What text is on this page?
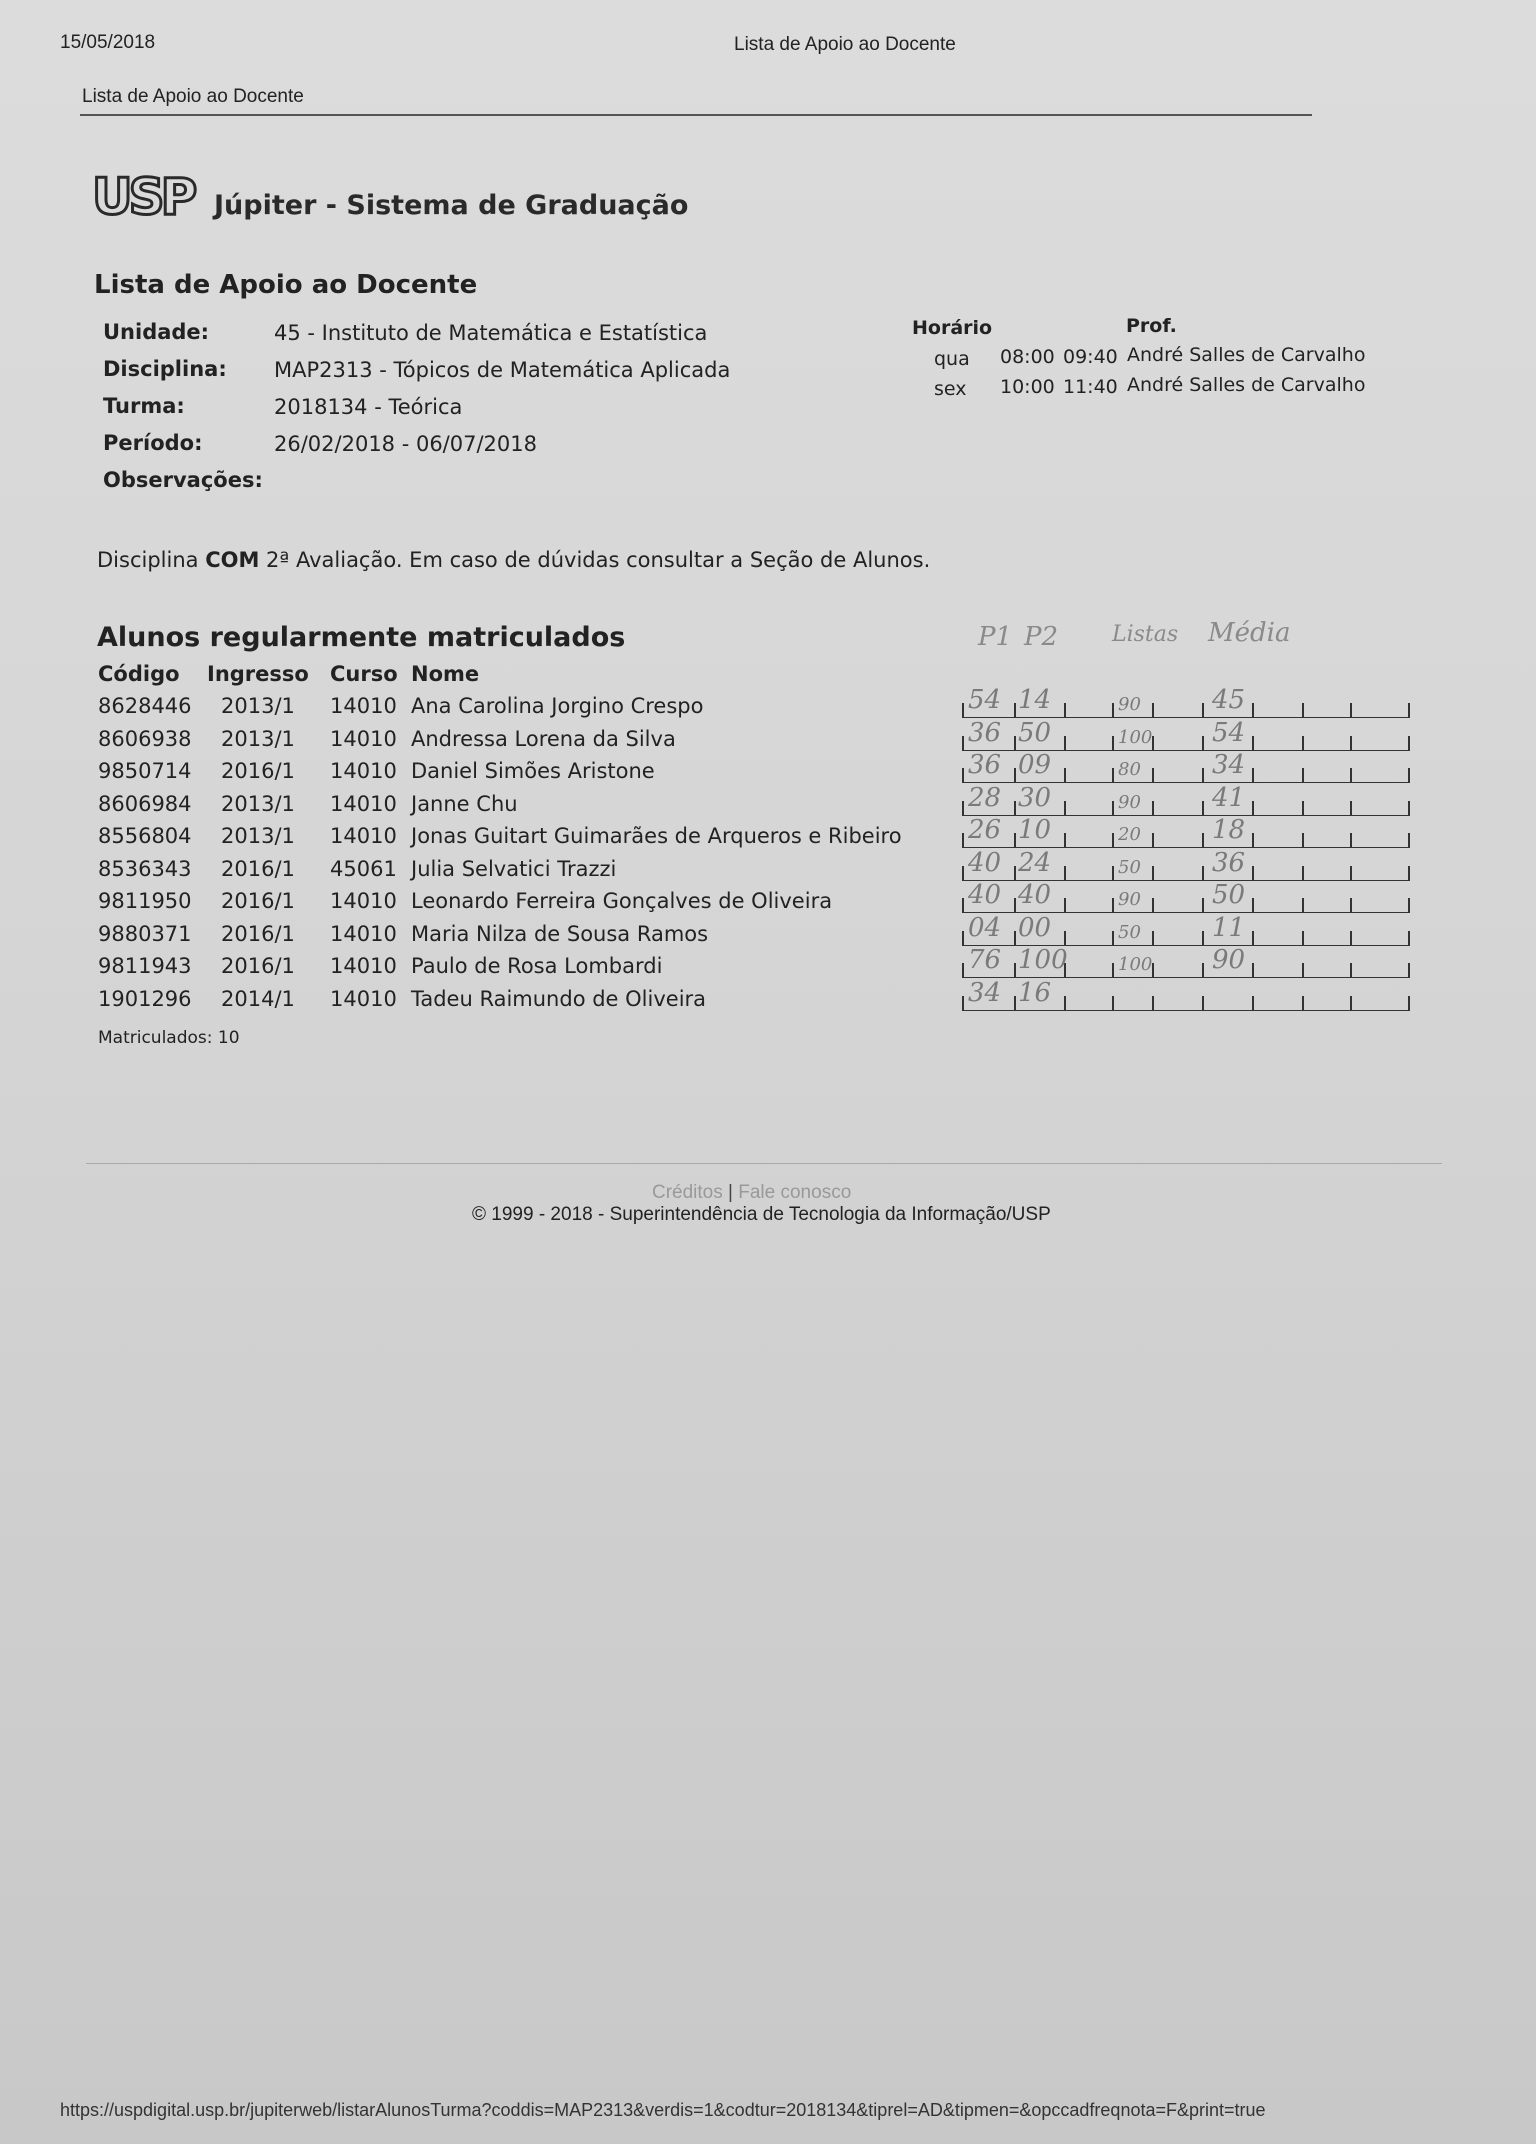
15/05/2018	Lista de Apoio ao Docente
Lista de Apoio ao Docente
USP Júpiter - Sistema de Graduação
Lista de Apoio ao Docente
Unidade:	45 - Instituto de Matemática e Estatística
Disciplina: MAP2313 - Tópicos de Matemática Aplicada
Turma:	2018134 - Teórica
Período:	26/02/2018 - 06/07/2018
Observações:
Horário	Prof.
qua 08:00 09:40 André Salles de Carvalho
sex 10:00 11:40 André Salles de Carvalho
Disciplina COM 2ª Avaliação. Em caso de dúvidas consultar a Seção de Alunos.
Alunos regularmente matriculados	P1 P2 Listas Média
Código Ingresso Curso Nome
8628446 2013/1 14010 Ana Carolina Jorgino Crespo	54 14	90	45
8606938 2013/1 14010 Andressa Lorena da Silva	36 50	100 54
9850714 2016/1 14010 Daniel Simões Aristone	36 09	80	34
8606984 2013/1 14010 Janne Chu	28 30	90	41
8556804 2013/1 14010 Jonas Guitart Guimarães de Arqueros e Ribeiro	26 10	20	18
8536343 2016/1 45061 Julia Selvatici Trazzi	40 24	50	36
9811950 2016/1 14010 Leonardo Ferreira Gonçalves de Oliveira	40 40	90	50
9880371 2016/1 14010 Maria Nilza de Sousa Ramos	04 00	50	11
9811943 2016/1 14010 Paulo de Rosa Lombardi	76 100	100 90
1901296 2014/1 14010 Tadeu Raimundo de Oliveira	34 16
Matriculados: 10
Créditos | Fale conosco
© 1999 - 2018 - Superintendência de Tecnologia da Informação/USP
https://uspdigital.usp.br/jupiterweb/listarAlunosTurma?coddis=MAP2313&verdis=1&codtur=2018134&tiprel=AD&tipmen=&opccadfreqnota=F&print=true
